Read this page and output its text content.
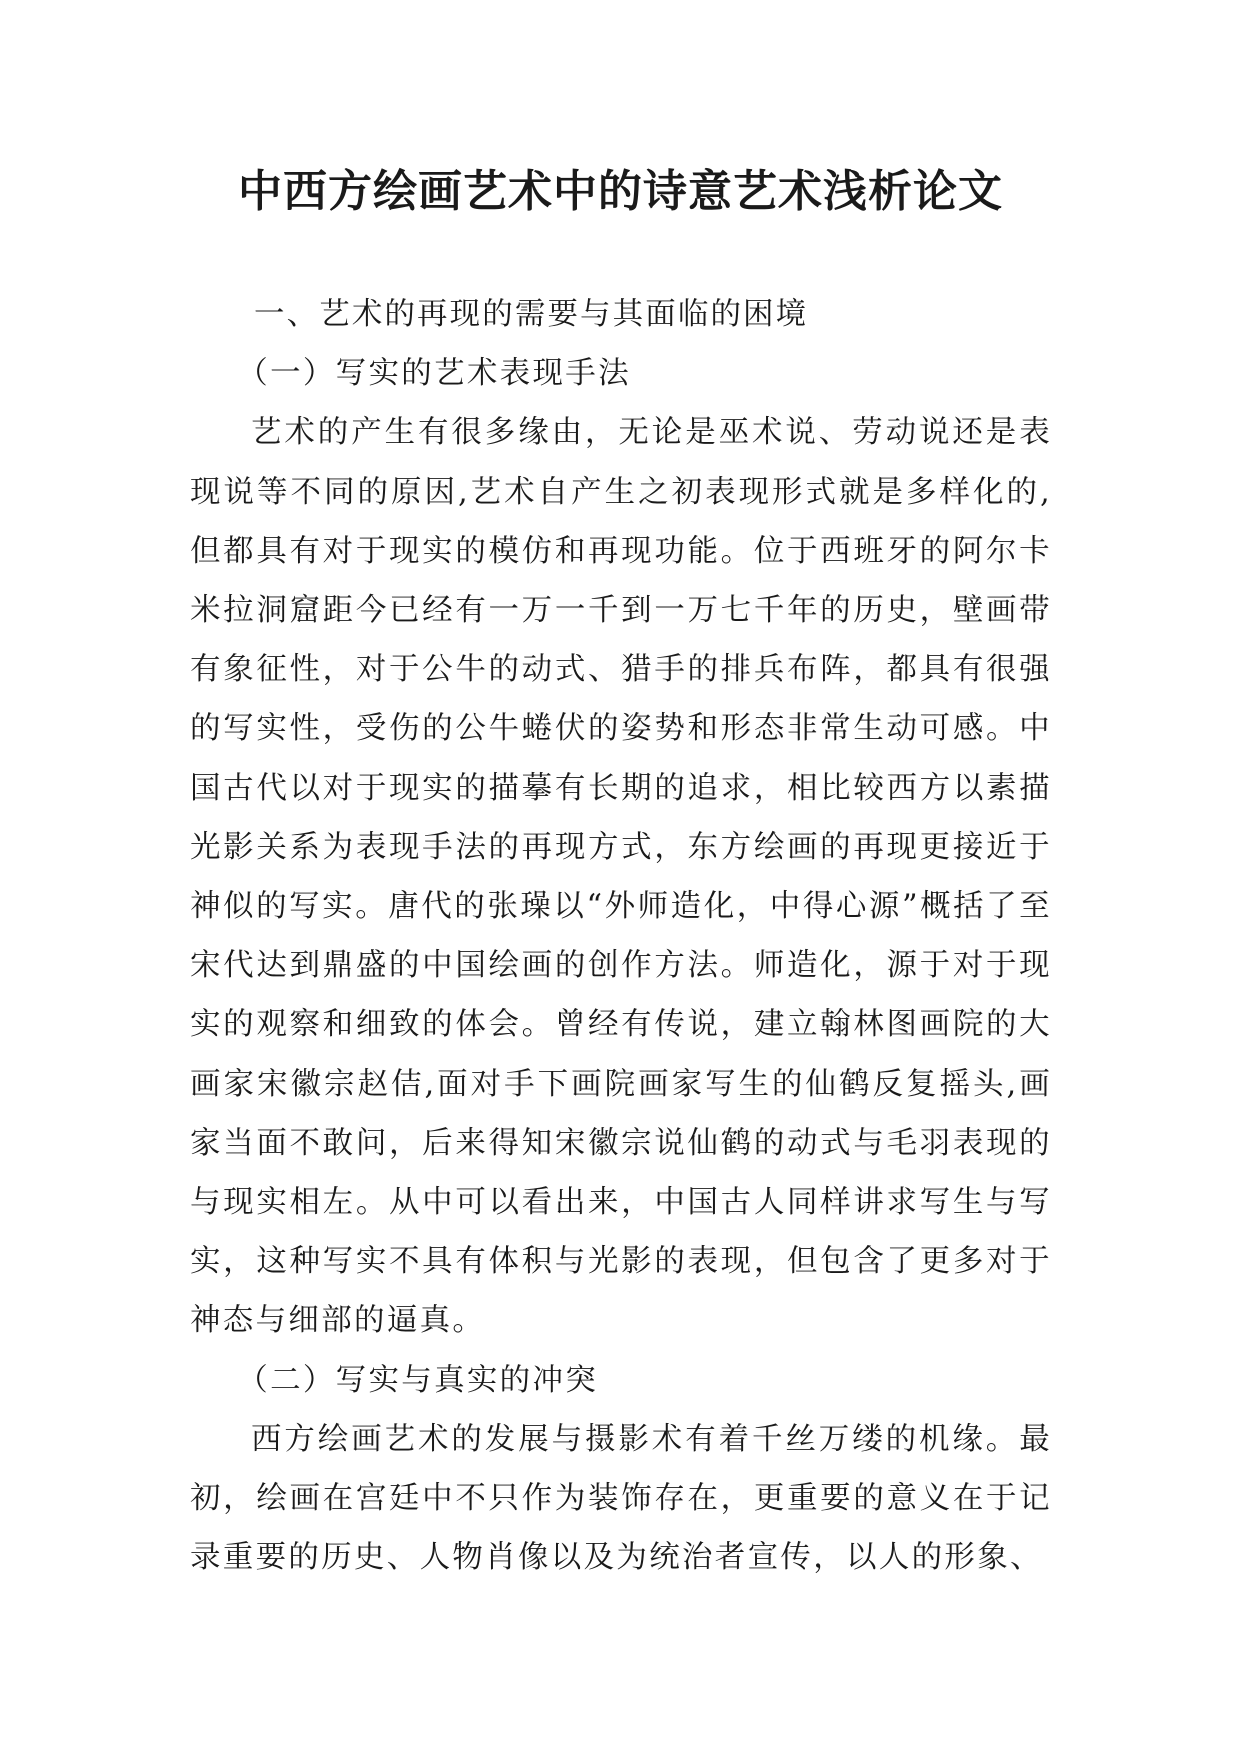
中西方绘画艺术中的诗意艺术浅析论文

一、艺术的再现的需要与其面临的困境

（一）写实的艺术表现手法

艺术的产生有很多缘由，无论是巫术说、劳动说还是表现说等不同的原因,艺术自产生之初表现形式就是多样化的,但都具有对于现实的模仿和再现功能。位于西班牙的阿尔卡米拉洞窟距今已经有一万一千到一万七千年的历史，壁画带有象征性，对于公牛的动式、猎手的排兵布阵，都具有很强的写实性，受伤的公牛蜷伏的姿势和形态非常生动可感。中国古代以对于现实的描摹有长期的追求，相比较西方以素描光影关系为表现手法的再现方式，东方绘画的再现更接近于神似的写实。唐代的张璪以“外师造化，中得心源”概括了至宋代达到鼎盛的中国绘画的创作方法。师造化，源于对于现实的观察和细致的体会。曾经有传说，建立翰林图画院的大画家宋徽宗赵佶,面对手下画院画家写生的仙鹤反复摇头,画家当面不敢问，后来得知宋徽宗说仙鹤的动式与毛羽表现的与现实相左。从中可以看出来，中国古人同样讲求写生与写实，这种写实不具有体积与光影的表现，但包含了更多对于神态与细部的逼真。

（二）写实与真实的冲突

西方绘画艺术的发展与摄影术有着千丝万缕的机缘。最初，绘画在宫廷中不只作为装饰存在，更重要的意义在于记录重要的历史、人物肖像以及为统治者宣传，以人的形象、
